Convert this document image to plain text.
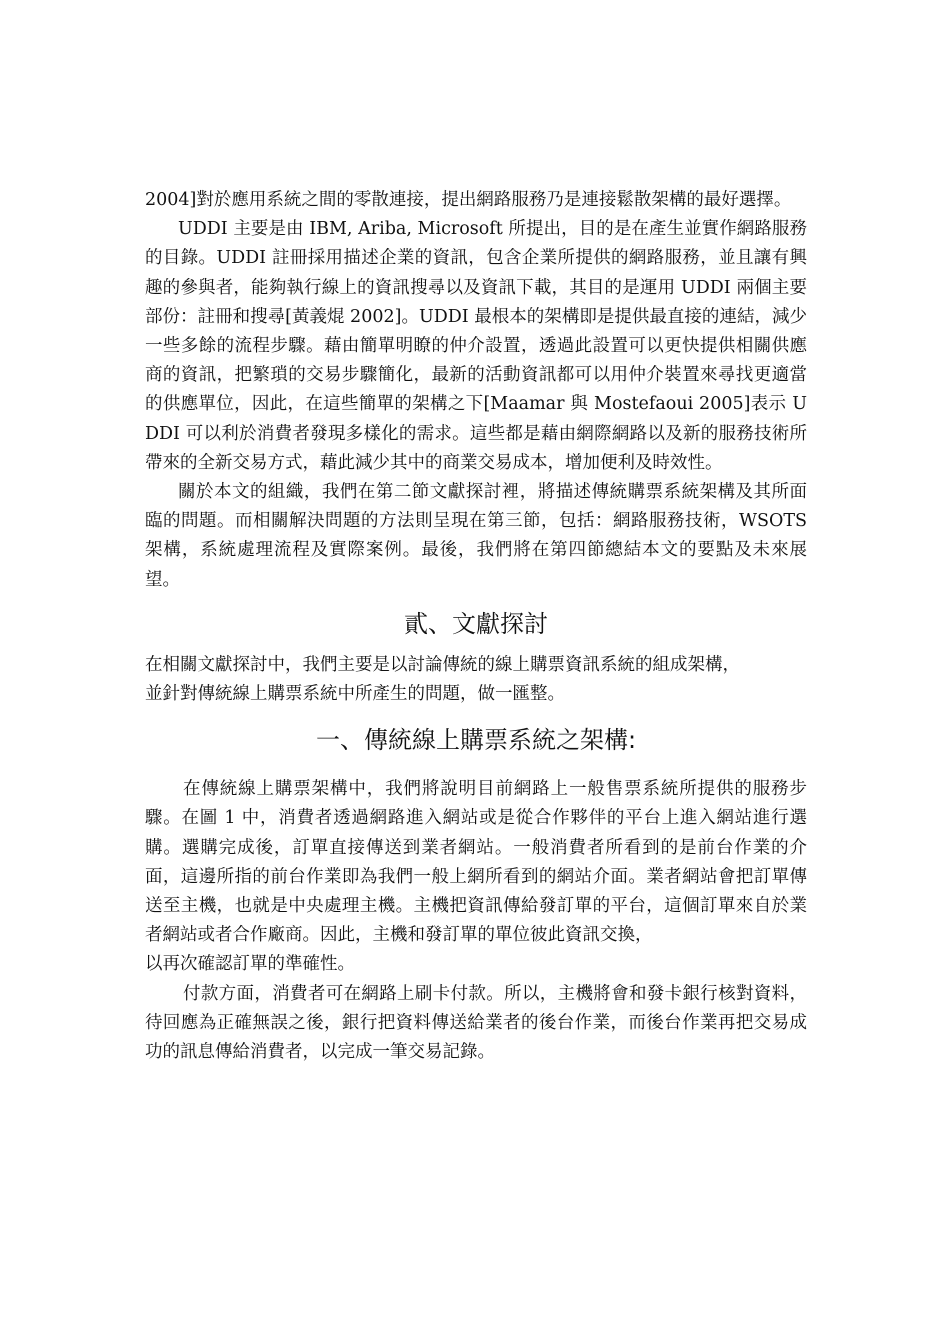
2004]對於應用系統之間的零散連接，提出網路服務乃是連接鬆散架構的最好選擇。

UDDI 主要是由 IBM, Ariba, Microsoft 所提出，目的是在產生並實作網路服務的目錄。UDDI 註冊採用描述企業的資訊，包含企業所提供的網路服務，並且讓有興趣的參與者，能夠執行線上的資訊搜尋以及資訊下載，其目的是運用 UDDI 兩個主要部份：註冊和搜尋[黃義焜 2002]。UDDI 最根本的架構即是提供最直接的連結，減少一些多餘的流程步驟。藉由簡單明瞭的仲介設置，透過此設置可以更快提供相關供應商的資訊，把繁瑣的交易步驟簡化，最新的活動資訊都可以用仲介裝置來尋找更適當的供應單位，因此，在這些簡單的架構之下[Maamar 與 Mostefaoui 2005]表示 UDDI 可以利於消費者發現多樣化的需求。這些都是藉由網際網路以及新的服務技術所帶來的全新交易方式，藉此減少其中的商業交易成本，增加便利及時效性。

關於本文的組織，我們在第二節文獻探討裡，將描述傳統購票系統架構及其所面臨的問題。而相關解決問題的方法則呈現在第三節，包括：網路服務技術，WSOTS 架構，系統處理流程及實際案例。最後，我們將在第四節總結本文的要點及未來展望。

貳、文獻探討

在相關文獻探討中，我們主要是以討論傳統的線上購票資訊系統的組成架構，

並針對傳統線上購票系統中所產生的問題，做一匯整。

一、傳統線上購票系統之架構:

在傳統線上購票架構中，我們將說明目前網路上一般售票系統所提供的服務步驟。在圖 1 中，消費者透過網路進入網站或是從合作夥伴的平台上進入網站進行選購。選購完成後，訂單直接傳送到業者網站。一般消費者所看到的是前台作業的介面，這邊所指的前台作業即為我們一般上網所看到的網站介面。業者網站會把訂單傳送至主機，也就是中央處理主機。主機把資訊傳給發訂單的平台，這個訂單來自於業者網站或者合作廠商。因此，主機和發訂單的單位彼此資訊交換，

以再次確認訂單的準確性。

付款方面，消費者可在網路上刷卡付款。所以，主機將會和發卡銀行核對資料，待回應為正確無誤之後，銀行把資料傳送給業者的後台作業，而後台作業再把交易成功的訊息傳給消費者，以完成一筆交易記錄。
